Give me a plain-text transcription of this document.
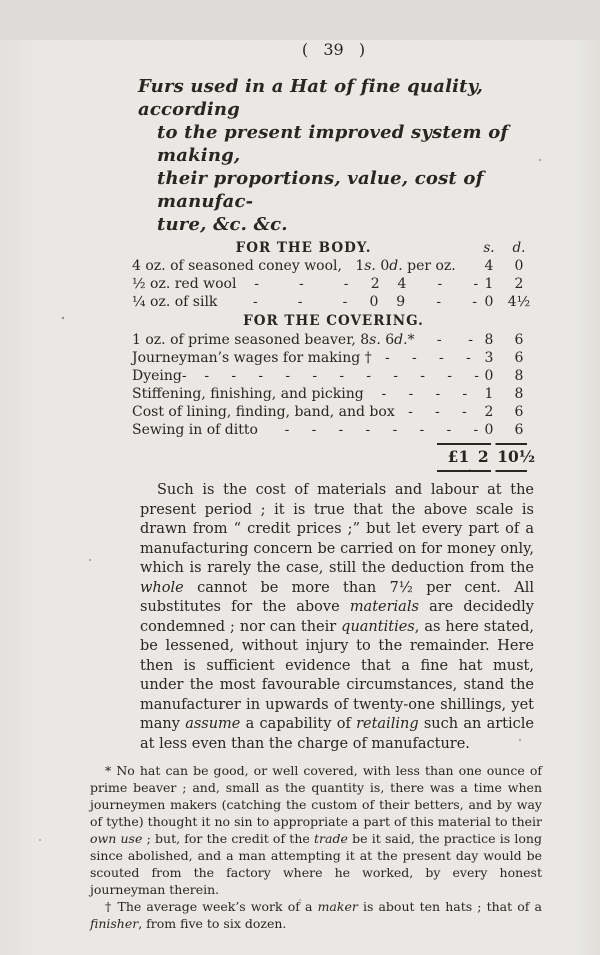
(   39   )
Furs used in a Hat of fine quality, according
to the present improved system of making,
their proportions, value, cost of manufac-
ture, &c. &c.
FOR THE BODY.	s.	d.
4 oz. of seasoned coney wool,   1s. 0d. per oz.	4	0
½ oz. red wool    -         -         -     2    4       -       - 1	2
¼ oz. of silk        -         -         -     0    9       -       - 0	4½
FOR THE COVERING.
1 oz. of prime seasoned beaver, 8s. 6d.*     -      - 8	6
Journeyman’s wages for making †   -     -     -     - 3	6
Dyeing-    -     -     -     -     -     -     -     -     -     -     - 0	8
Stiffening, finishing, and picking    -     -     -     -	1	8
Cost of lining, finding, band, and box   -     -     -	2	6
Sewing in of ditto      -     -     -     -     -     -     -     - 0	6
£1 2 10½

Such is the cost of materials and labour at the present period ; it is true that the above scale is drawn from “ credit prices ;” but let every part of a manufacturing concern be carried on for money only, which is rarely the case, still the deduction from the whole cannot be more than 7½ per cent. All substitutes for the above materials are decidedly condemned ; nor can their quantities, as here stated, be lessened, without injury to the remainder. Here then is sufficient evidence that a fine hat must, under the most favourable circumstances, stand the manufacturer in upwards of twenty-one shillings, yet many assume a capability of retailing such an article at less even than the charge of manufacture.

* No hat can be good, or well covered, with less than one ounce of prime beaver ; and, small as the quantity is, there was a time when journeymen makers (catching the custom of their betters, and by way of tythe) thought it no sin to appropriate a part of this material to their own use ; but, for the credit of the trade be it said, the practice is long since abolished, and a man attempting it at the present day would be scouted from the factory where he worked, by every honest journeyman therein.

† The average week’s work of a maker is about ten hats ; that of a finisher, from five to six dozen.
